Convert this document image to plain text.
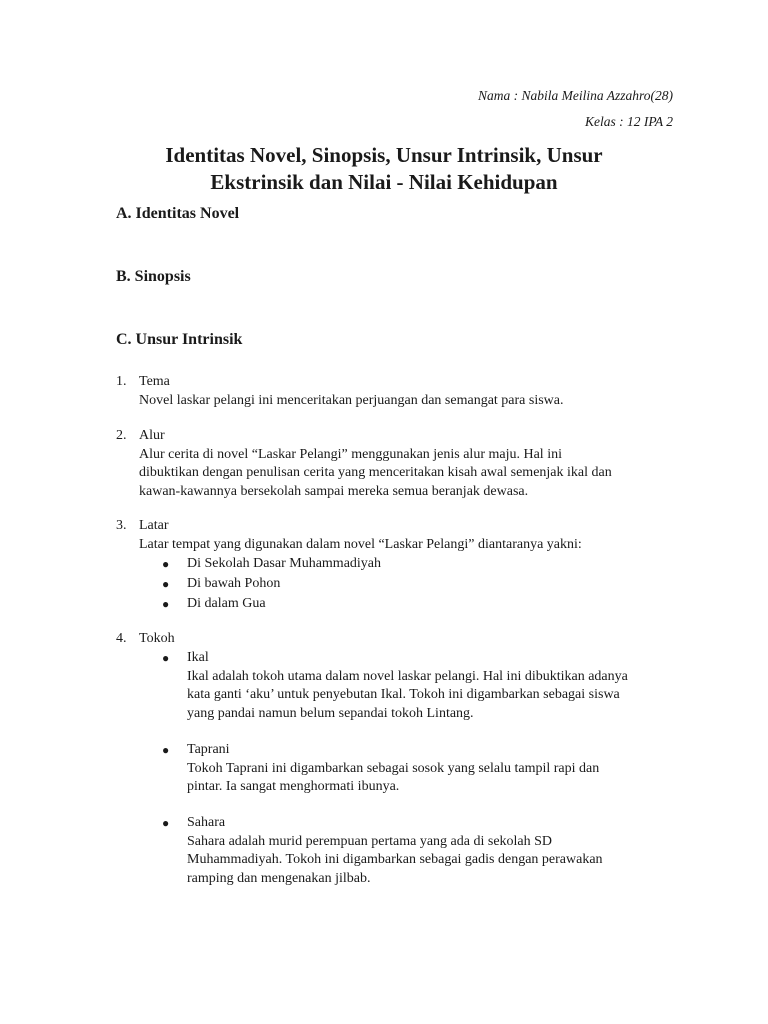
Nama : Nabila Meilina Azzahro(28)
Kelas : 12 IPA 2
Identitas Novel, Sinopsis, Unsur Intrinsik, Unsur
Ekstrinsik dan Nilai - Nilai Kehidupan
A. Identitas Novel
B. Sinopsis
C. Unsur Intrinsik
1. Tema
Novel laskar pelangi ini menceritakan perjuangan dan semangat para siswa.
2. Alur
Alur cerita di novel “Laskar Pelangi” menggunakan jenis alur maju. Hal ini
dibuktikan dengan penulisan cerita yang menceritakan kisah awal semenjak ikal dan
kawan-kawannya bersekolah sampai mereka semua beranjak dewasa.
3. Latar
Latar tempat yang digunakan dalam novel “Laskar Pelangi” diantaranya yakni:
● Di Sekolah Dasar Muhammadiyah
● Di bawah Pohon
● Di dalam Gua
4. Tokoh
● Ikal
Ikal adalah tokoh utama dalam novel laskar pelangi. Hal ini dibuktikan adanya
kata ganti ‘aku’ untuk penyebutan Ikal. Tokoh ini digambarkan sebagai siswa
yang pandai namun belum sepandai tokoh Lintang.
● Taprani
Tokoh Taprani ini digambarkan sebagai sosok yang selalu tampil rapi dan
pintar. Ia sangat menghormati ibunya.
● Sahara
Sahara adalah murid perempuan pertama yang ada di sekolah SD
Muhammadiyah. Tokoh ini digambarkan sebagai gadis dengan perawakan
ramping dan mengenakan jilbab.
